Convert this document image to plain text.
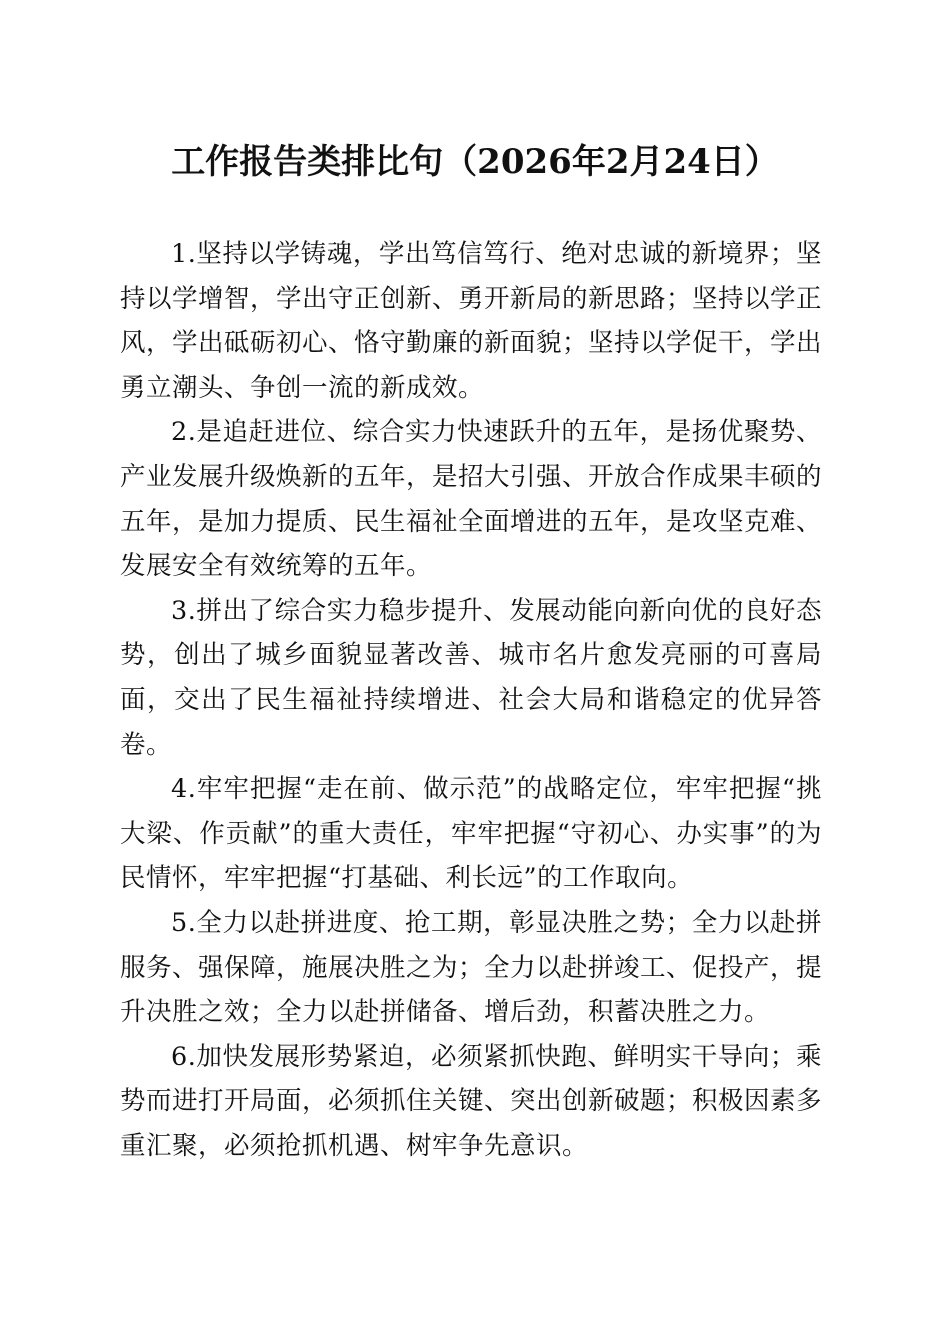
工作报告类排比句（2026年2月24日）

1.坚持以学铸魂，学出笃信笃行、绝对忠诚的新境界；坚持以学增智，学出守正创新、勇开新局的新思路；坚持以学正风，学出砥砺初心、恪守勤廉的新面貌；坚持以学促干，学出勇立潮头、争创一流的新成效。

2.是追赶进位、综合实力快速跃升的五年，是扬优聚势、产业发展升级焕新的五年，是招大引强、开放合作成果丰硕的五年，是加力提质、民生福祉全面增进的五年，是攻坚克难、发展安全有效统筹的五年。

3.拼出了综合实力稳步提升、发展动能向新向优的良好态势，创出了城乡面貌显著改善、城市名片愈发亮丽的可喜局面，交出了民生福祉持续增进、社会大局和谐稳定的优异答卷。

4.牢牢把握“走在前、做示范”的战略定位，牢牢把握“挑大梁、作贡献”的重大责任，牢牢把握“守初心、办实事”的为民情怀，牢牢把握“打基础、利长远”的工作取向。

5.全力以赴拼进度、抢工期，彰显决胜之势；全力以赴拼服务、强保障，施展决胜之为；全力以赴拼竣工、促投产，提升决胜之效；全力以赴拼储备、增后劲，积蓄决胜之力。

6.加快发展形势紧迫，必须紧抓快跑、鲜明实干导向；乘势而进打开局面，必须抓住关键、突出创新破题；积极因素多重汇聚，必须抢抓机遇、树牢争先意识。
